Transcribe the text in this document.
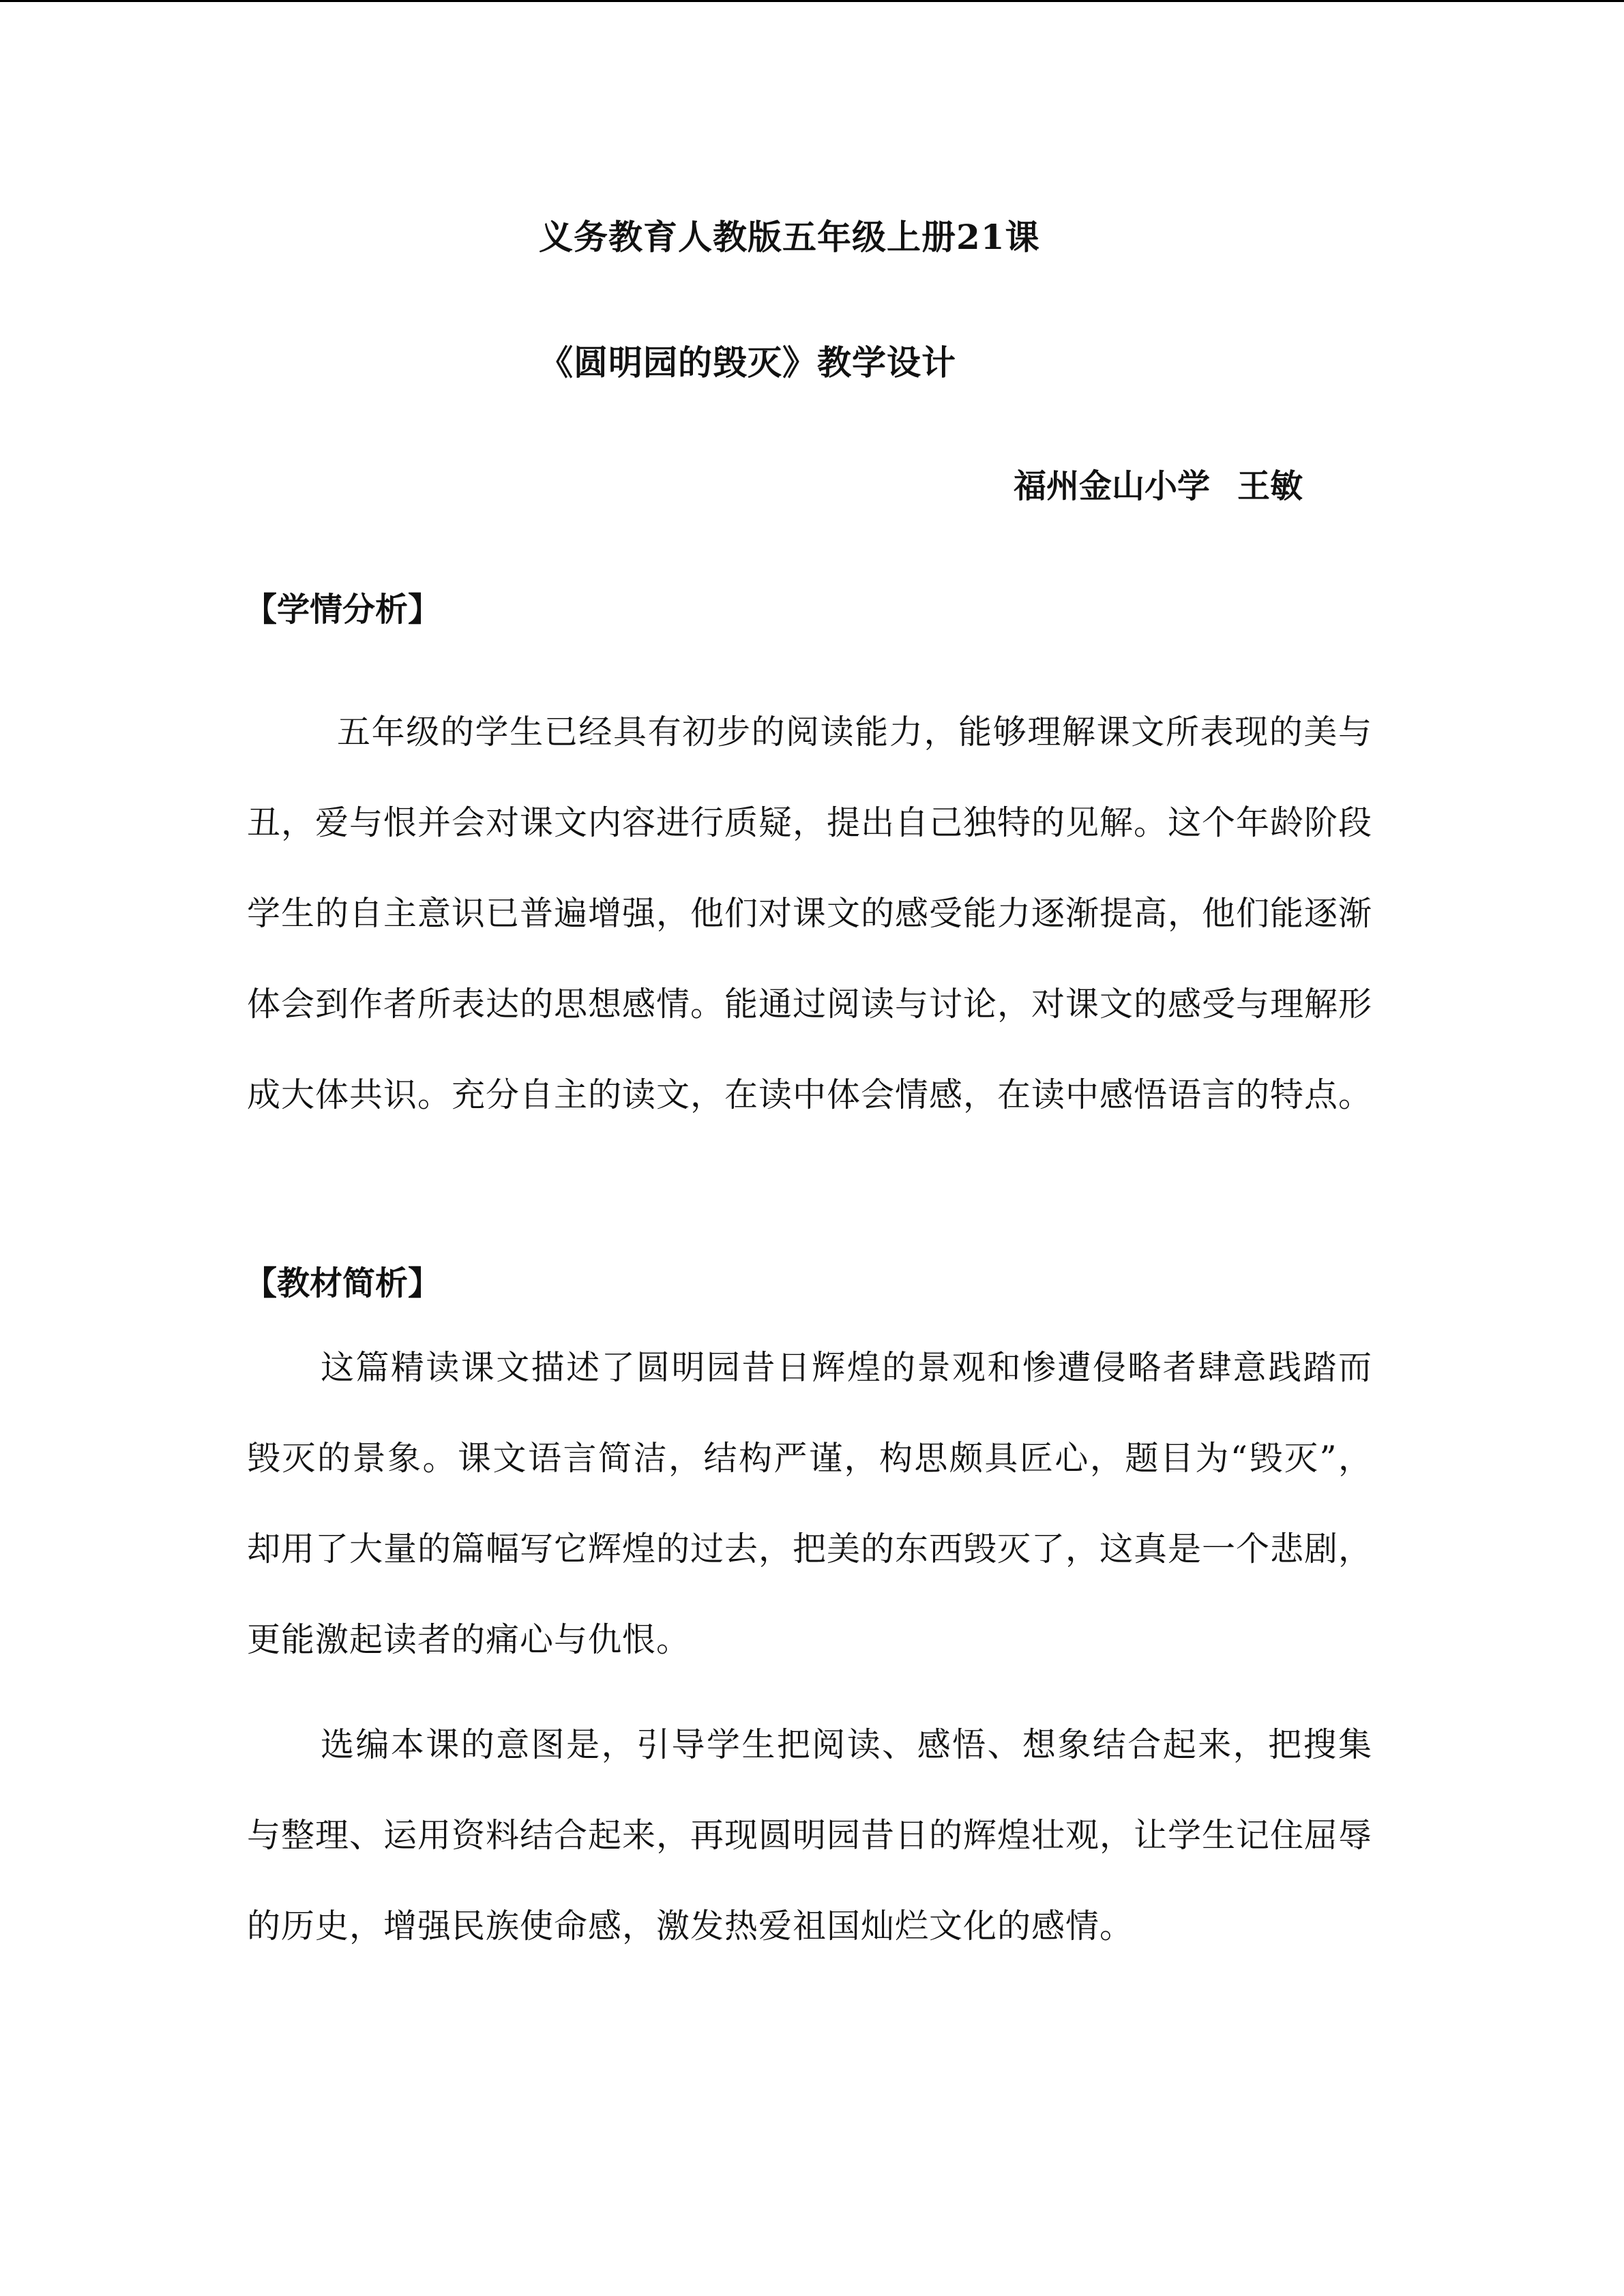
义务教育人教版五年级上册21课
《圆明园的毁灭》教学设计
福州金山小学 王敏
【学情分析】

五年级的学生已经具有初步的阅读能力，能够理解课文所表现的美与丑，爱与恨并会对课文内容进行质疑，提出自己独特的见解。这个年龄阶段学生的自主意识已普遍增强，他们对课文的感受能力逐渐提高，他们能逐渐体会到作者所表达的思想感情。能通过阅读与讨论，对课文的感受与理解形成大体共识。充分自主的读文，在读中体会情感，在读中感悟语言的特点。

【教材简析】

这篇精读课文描述了圆明园昔日辉煌的景观和惨遭侵略者肆意践踏而毁灭的景象。课文语言简洁，结构严谨，构思颇具匠心，题目为“毁灭”，却用了大量的篇幅写它辉煌的过去，把美的东西毁灭了，这真是一个悲剧，更能激起读者的痛心与仇恨。

选编本课的意图是，引导学生把阅读、感悟、想象结合起来，把搜集与整理、运用资料结合起来，再现圆明园昔日的辉煌壮观，让学生记住屈辱的历史，增强民族使命感，激发热爱祖国灿烂文化的感情。
